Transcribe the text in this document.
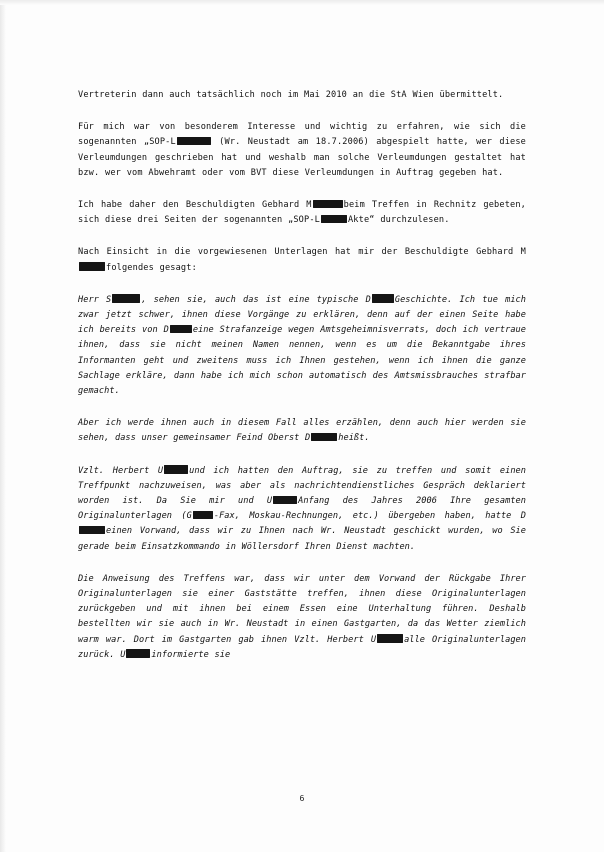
Vertreterin dann auch tatsächlich noch im Mai 2010 an die StA Wien übermittelt.

Für mich war von besonderem Interesse und wichtig zu erfahren, wie sich die sogenannten „SOP-L	(Wr. Neustadt am 18.7.2006) abgespielt hatte, wer diese Verleumdungen geschrieben hat und weshalb man solche Verleumdungen gestaltet hat bzw. wer vom Abwehramt oder vom BVT diese Verleumdungen in Auftrag gegeben hat.

Ich habe daher den Beschuldigten Gebhard M	beim Treffen in Rechnitz gebeten, sich diese drei Seiten der sogenannten „SOP-L	Akte“ durchzulesen.

Nach Einsicht in die vorgewiesenen Unterlagen hat mir der Beschuldigte Gebhard Mfolgendes gesagt:

Herr S	, sehen sie, auch das ist eine typische D	Geschichte. Ich tue mich zwar jetzt schwer, ihnen diese Vorgänge zu erklären, denn auf der einen Seite habe ich bereits von D	eine Strafanzeige wegen Amtsgeheimnisverrats, doch ich vertraue ihnen, dass sie nicht meinen Namen nennen, wenn es um die Bekanntgabe ihres Informanten geht und zweitens muss ich Ihnen gestehen, wenn ich ihnen die ganze Sachlage erkläre, dann habe ich mich schon automatisch des Amtsmissbrauches strafbar gemacht.

Aber ich werde ihnen auch in diesem Fall alles erzählen, denn auch hier werden sie sehen, dass unser gemeinsamer Feind Oberst D	heißt.

Vzlt. Herbert U	und ich hatten den Auftrag, sie zu treffen und somit einen Treffpunkt nachzuweisen, was aber als nachrichtendienstliches Gespräch deklariert worden ist. Da Sie mir und U	Anfang des Jahres 2006 Ihre gesamten Originalunterlagen (G	-Fax, Moskau-Rechnungen, etc.) übergeben haben, hatte Deinen Vorwand, dass wir zu Ihnen nach Wr. Neustadt geschickt wurden, wo Sie gerade beim Einsatzkommando in Wöllersdorf Ihren Dienst machten.

Die Anweisung des Treffens war, dass wir unter dem Vorwand der Rückgabe Ihrer Originalunterlagen sie einer Gaststätte treffen, ihnen diese Originalunterlagen zurückgeben und mit ihnen bei einem Essen eine Unterhaltung führen. Deshalb bestellten wir sie auch in Wr. Neustadt in einen Gastgarten, da das Wetter ziemlich warm war. Dort im Gastgarten gab ihnen Vzlt. Herbert U	alle Originalunterlagen zurück. U	informierte sie

6
